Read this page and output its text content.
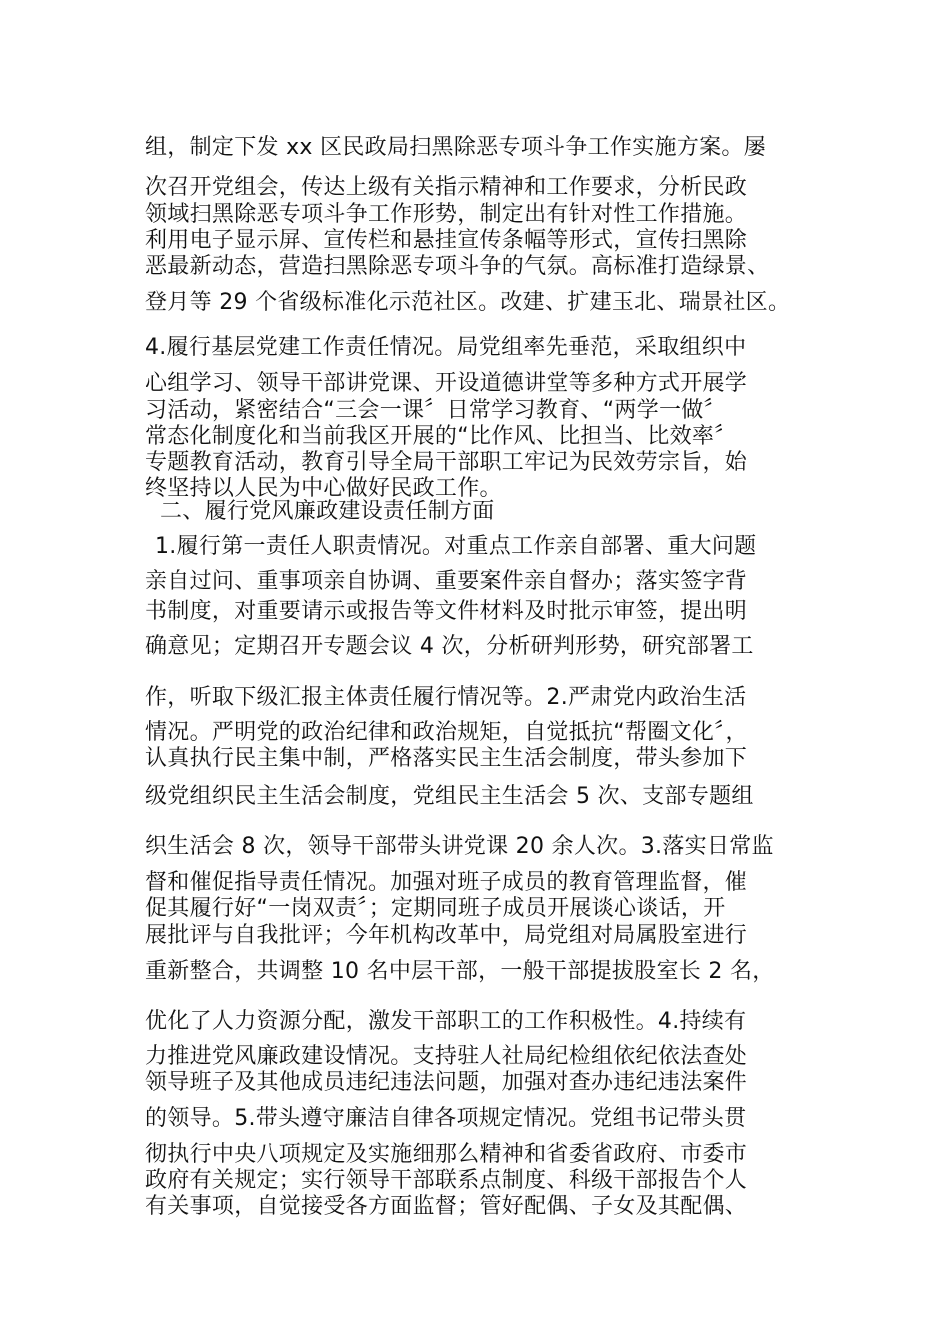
组，制定下发 xx 区民政局扫黑除恶专项斗争工作实施方案。屡
次召开党组会，传达上级有关指示精神和工作要求，分析民政
领域扫黑除恶专项斗争工作形势，制定出有针对性工作措施。
利用电子显示屏、宣传栏和悬挂宣传条幅等形式，宣传扫黑除
恶最新动态，营造扫黑除恶专项斗争的气氛。高标准打造绿景、
登月等 29 个省级标准化示范社区。改建、扩建玉北、瑞景社区。
4.履行基层党建工作责任情况。局党组率先垂范，采取组织中
心组学习、领导干部讲党课、开设道德讲堂等多种方式开展学
习活动，紧密结合“三会一课〞日常学习教育、“两学一做〞
常态化制度化和当前我区开展的“比作风、比担当、比效率〞
专题教育活动，教育引导全局干部职工牢记为民效劳宗旨，始
终坚持以人民为中心做好民政工作。
二、履行党风廉政建设责任制方面
1.履行第一责任人职责情况。对重点工作亲自部署、重大问题
亲自过问、重事项亲自协调、重要案件亲自督办；落实签字背
书制度，对重要请示或报告等文件材料及时批示审签，提出明
确意见；定期召开专题会议 4 次，分析研判形势，研究部署工
作，听取下级汇报主体责任履行情况等。2.严肃党内政治生活
情况。严明党的政治纪律和政治规矩，自觉抵抗“帮圈文化〞，
认真执行民主集中制，严格落实民主生活会制度，带头参加下
级党组织民主生活会制度，党组民主生活会 5 次、支部专题组
织生活会 8 次，领导干部带头讲党课 20 余人次。3.落实日常监
督和催促指导责任情况。加强对班子成员的教育管理监督，催
促其履行好“一岗双责〞；定期同班子成员开展谈心谈话，开
展批评与自我批评；今年机构改革中，局党组对局属股室进行
重新整合，共调整 10 名中层干部，一般干部提拔股室长 2 名，
优化了人力资源分配，激发干部职工的工作积极性。4.持续有
力推进党风廉政建设情况。支持驻人社局纪检组依纪依法查处
领导班子及其他成员违纪违法问题，加强对查办违纪违法案件
的领导。5.带头遵守廉洁自律各项规定情况。党组书记带头贯
彻执行中央八项规定及实施细那么精神和省委省政府、市委市
政府有关规定；实行领导干部联系点制度、科级干部报告个人
有关事项，自觉接受各方面监督；管好配偶、子女及其配偶、
